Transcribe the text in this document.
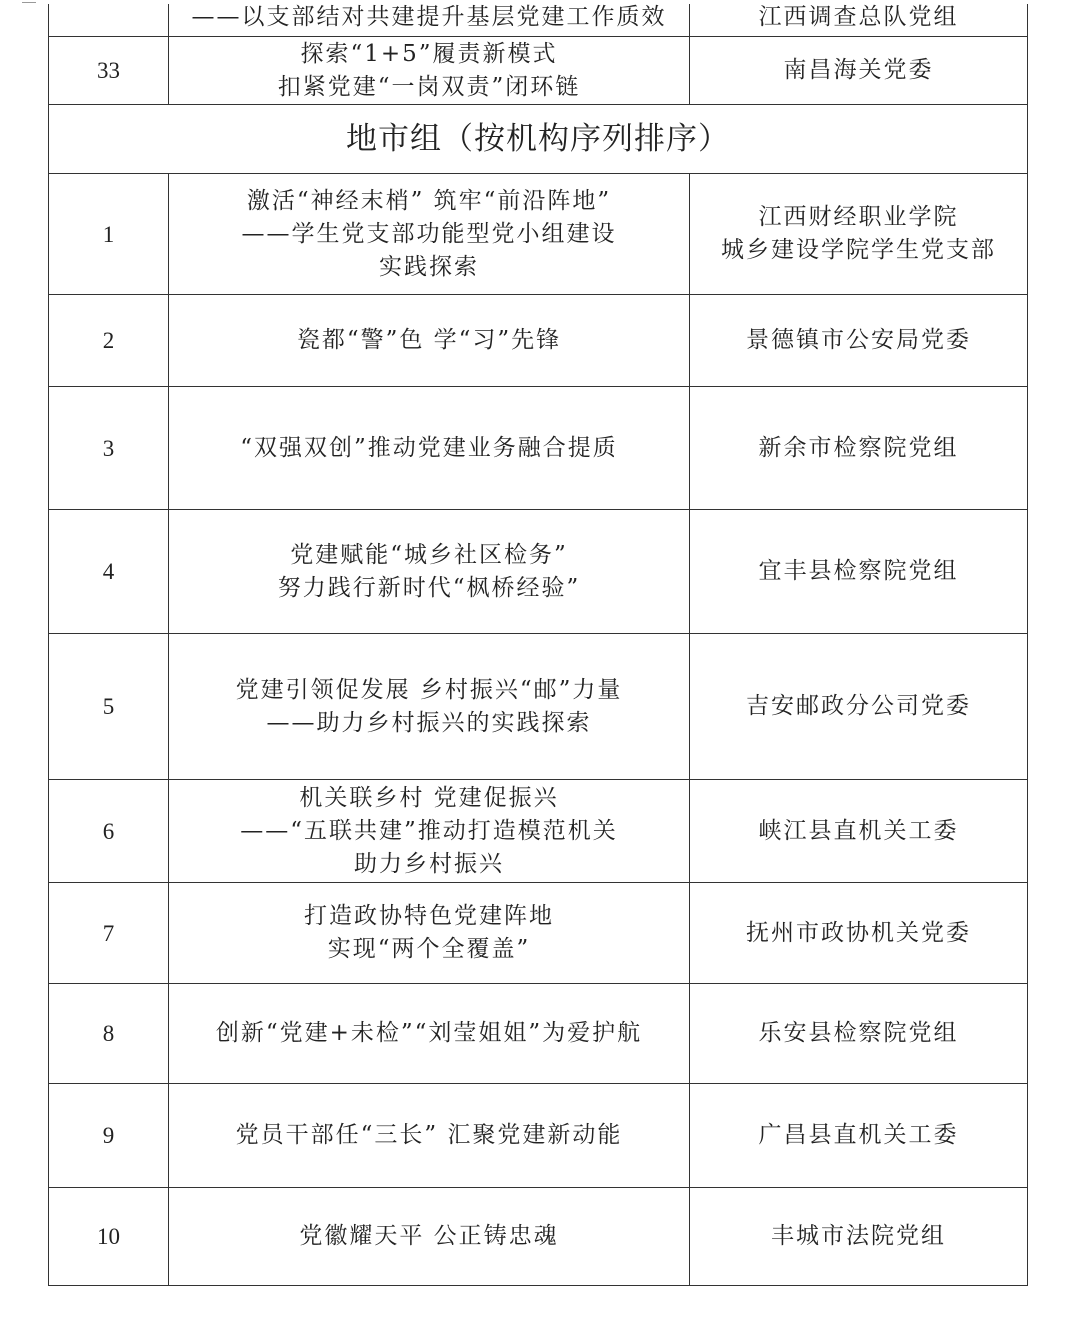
	——以支部结对共建提升基层党建工作质效	江西调查总队党组

33	探索“1+5”履责新模式
扣紧党建“一岗双责”闭环链	南昌海关党委

地市组（按机构序列排序）		
1	激活“神经末梢” 筑牢“前沿阵地”
——学生党支部功能型党小组建设
实践探索	江西财经职业学院
城乡建设学院学生党支部

2	瓷都“警”色 学“习”先锋	景德镇市公安局党委

3	“双强双创”推动党建业务融合提质	新余市检察院党组

4	党建赋能“城乡社区检务”
努力践行新时代“枫桥经验”	宜丰县检察院党组

5	党建引领促发展 乡村振兴“邮”力量
——助力乡村振兴的实践探索	吉安邮政分公司党委

6	机关联乡村 党建促振兴
——“五联共建”推动打造模范机关
助力乡村振兴	峡江县直机关工委

7	打造政协特色党建阵地
实现“两个全覆盖”	抚州市政协机关党委

8	创新“党建+未检”“刘莹姐姐”为爱护航	乐安县检察院党组

9	党员干部任“三长” 汇聚党建新动能	广昌县直机关工委

10	党徽耀天平 公正铸忠魂	丰城市法院党组
